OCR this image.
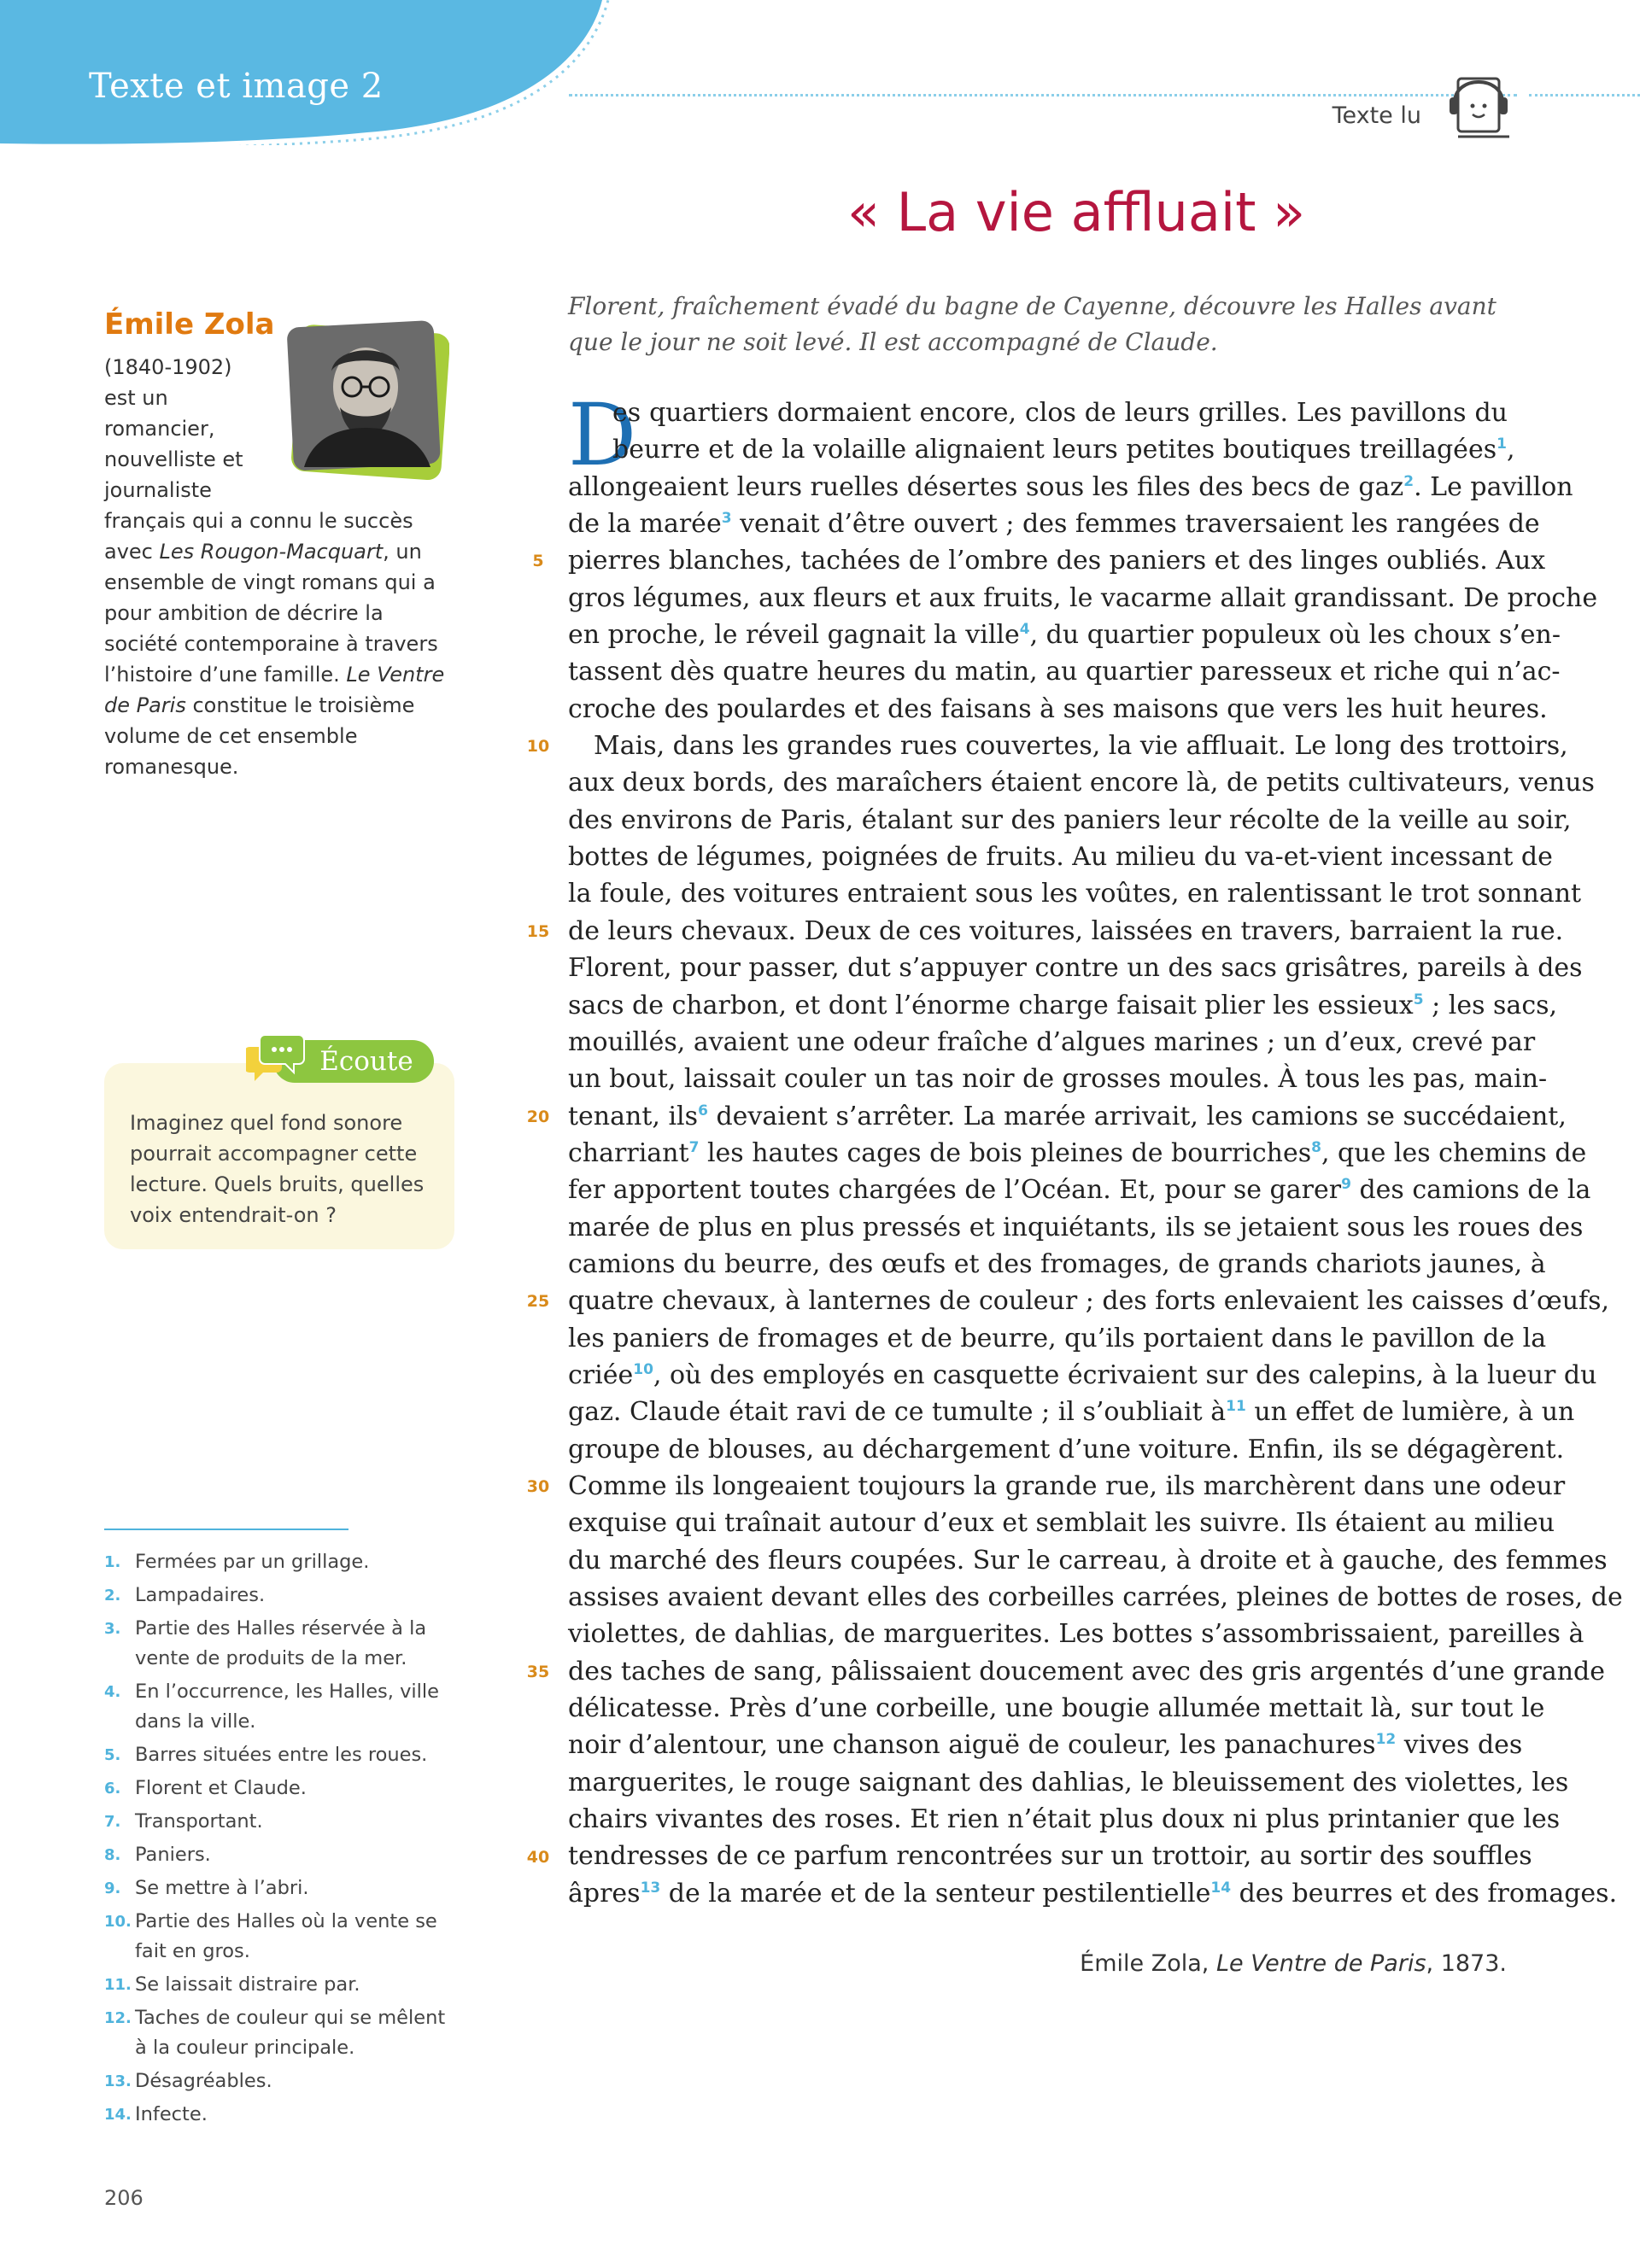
Texte et image 2
Texte lu
« La vie affluait »
Émile Zola
(1840-1902)
est un
romancier,
nouvelliste et
journaliste
français qui a connu le succès avec Les Rougon-Macquart, un ensemble de vingt romans qui a pour ambition de décrire la société contemporaine à travers l’histoire d’une famille. Le Ventre de Paris constitue le troisième volume de cet ensemble romanesque.
Écoute
Imaginez quel fond sonore pourrait accompagner cette lecture. Quels bruits, quelles voix entendrait-on ?
1. Fermées par un grillage.
2. Lampadaires.
3. Partie des Halles réservée à la vente de produits de la mer.
4. En l’occurrence, les Halles, ville dans la ville.
5. Barres situées entre les roues.
6. Florent et Claude.
7. Transportant.
8. Paniers.
9. Se mettre à l’abri.
10. Partie des Halles où la vente se fait en gros.
11. Se laissait distraire par.
12. Taches de couleur qui se mêlent à la couleur principale.
13. Désagréables.
14. Infecte.
206
Florent, fraîchement évadé du bagne de Cayenne, découvre les Halles avant que le jour ne soit levé. Il est accompagné de Claude.
D
5
10
15
20
25
30
35
40
es quartiers dormaient encore, clos de leurs grilles. Les pavillons du
beurre et de la volaille alignaient leurs petites boutiques treillagées$^1$,
allongeaient leurs ruelles désertes sous les files des becs de gaz$^2$. Le pavillon
de la marée$^3$ venait d’être ouvert ; des femmes traversaient les rangées de
pierres blanches, tachées de l’ombre des paniers et des linges oubliés. Aux
gros légumes, aux fleurs et aux fruits, le vacarme allait grandissant. De proche
en proche, le réveil gagnait la ville$^4$, du quartier populeux où les choux s’en-
tassent dès quatre heures du matin, au quartier paresseux et riche qui n’ac-
croche des poulardes et des faisans à ses maisons que vers les huit heures.
Mais, dans les grandes rues couvertes, la vie affluait. Le long des trottoirs,
aux deux bords, des maraîchers étaient encore là, de petits cultivateurs, venus
des environs de Paris, étalant sur des paniers leur récolte de la veille au soir,
bottes de légumes, poignées de fruits. Au milieu du va-et-vient incessant de
la foule, des voitures entraient sous les voûtes, en ralentissant le trot sonnant
de leurs chevaux. Deux de ces voitures, laissées en travers, barraient la rue.
Florent, pour passer, dut s’appuyer contre un des sacs grisâtres, pareils à des
sacs de charbon, et dont l’énorme charge faisait plier les essieux$^5$ ; les sacs,
mouillés, avaient une odeur fraîche d’algues marines ; un d’eux, crevé par
un bout, laissait couler un tas noir de grosses moules. À tous les pas, main-
tenant, ils$^6$ devaient s’arrêter. La marée arrivait, les camions se succédaient,
charriant$^7$ les hautes cages de bois pleines de bourriches$^8$, que les chemins de
fer apportent toutes chargées de l’Océan. Et, pour se garer$^9$ des camions de la
marée de plus en plus pressés et inquiétants, ils se jetaient sous les roues des
camions du beurre, des œufs et des fromages, de grands chariots jaunes, à
quatre chevaux, à lanternes de couleur ; des forts enlevaient les caisses d’œufs,
les paniers de fromages et de beurre, qu’ils portaient dans le pavillon de la
criée$^{10}$, où des employés en casquette écrivaient sur des calepins, à la lueur du
gaz. Claude était ravi de ce tumulte ; il s’oubliait à$^{11}$ un effet de lumière, à un
groupe de blouses, au déchargement d’une voiture. Enfin, ils se dégagèrent.
Comme ils longeaient toujours la grande rue, ils marchèrent dans une odeur
exquise qui traînait autour d’eux et semblait les suivre. Ils étaient au milieu
du marché des fleurs coupées. Sur le carreau, à droite et à gauche, des femmes
assises avaient devant elles des corbeilles carrées, pleines de bottes de roses, de
violettes, de dahlias, de marguerites. Les bottes s’assombrissaient, pareilles à
des taches de sang, pâlissaient doucement avec des gris argentés d’une grande
délicatesse. Près d’une corbeille, une bougie allumée mettait là, sur tout le
noir d’alentour, une chanson aiguë de couleur, les panachures$^{12}$ vives des
marguerites, le rouge saignant des dahlias, le bleuissement des violettes, les
chairs vivantes des roses. Et rien n’était plus doux ni plus printanier que les
tendresses de ce parfum rencontrées sur un trottoir, au sortir des souffles
âpres$^{13}$ de la marée et de la senteur pestilentielle$^{14}$ des beurres et des fromages.
Émile Zola, Le Ventre de Paris, 1873.
